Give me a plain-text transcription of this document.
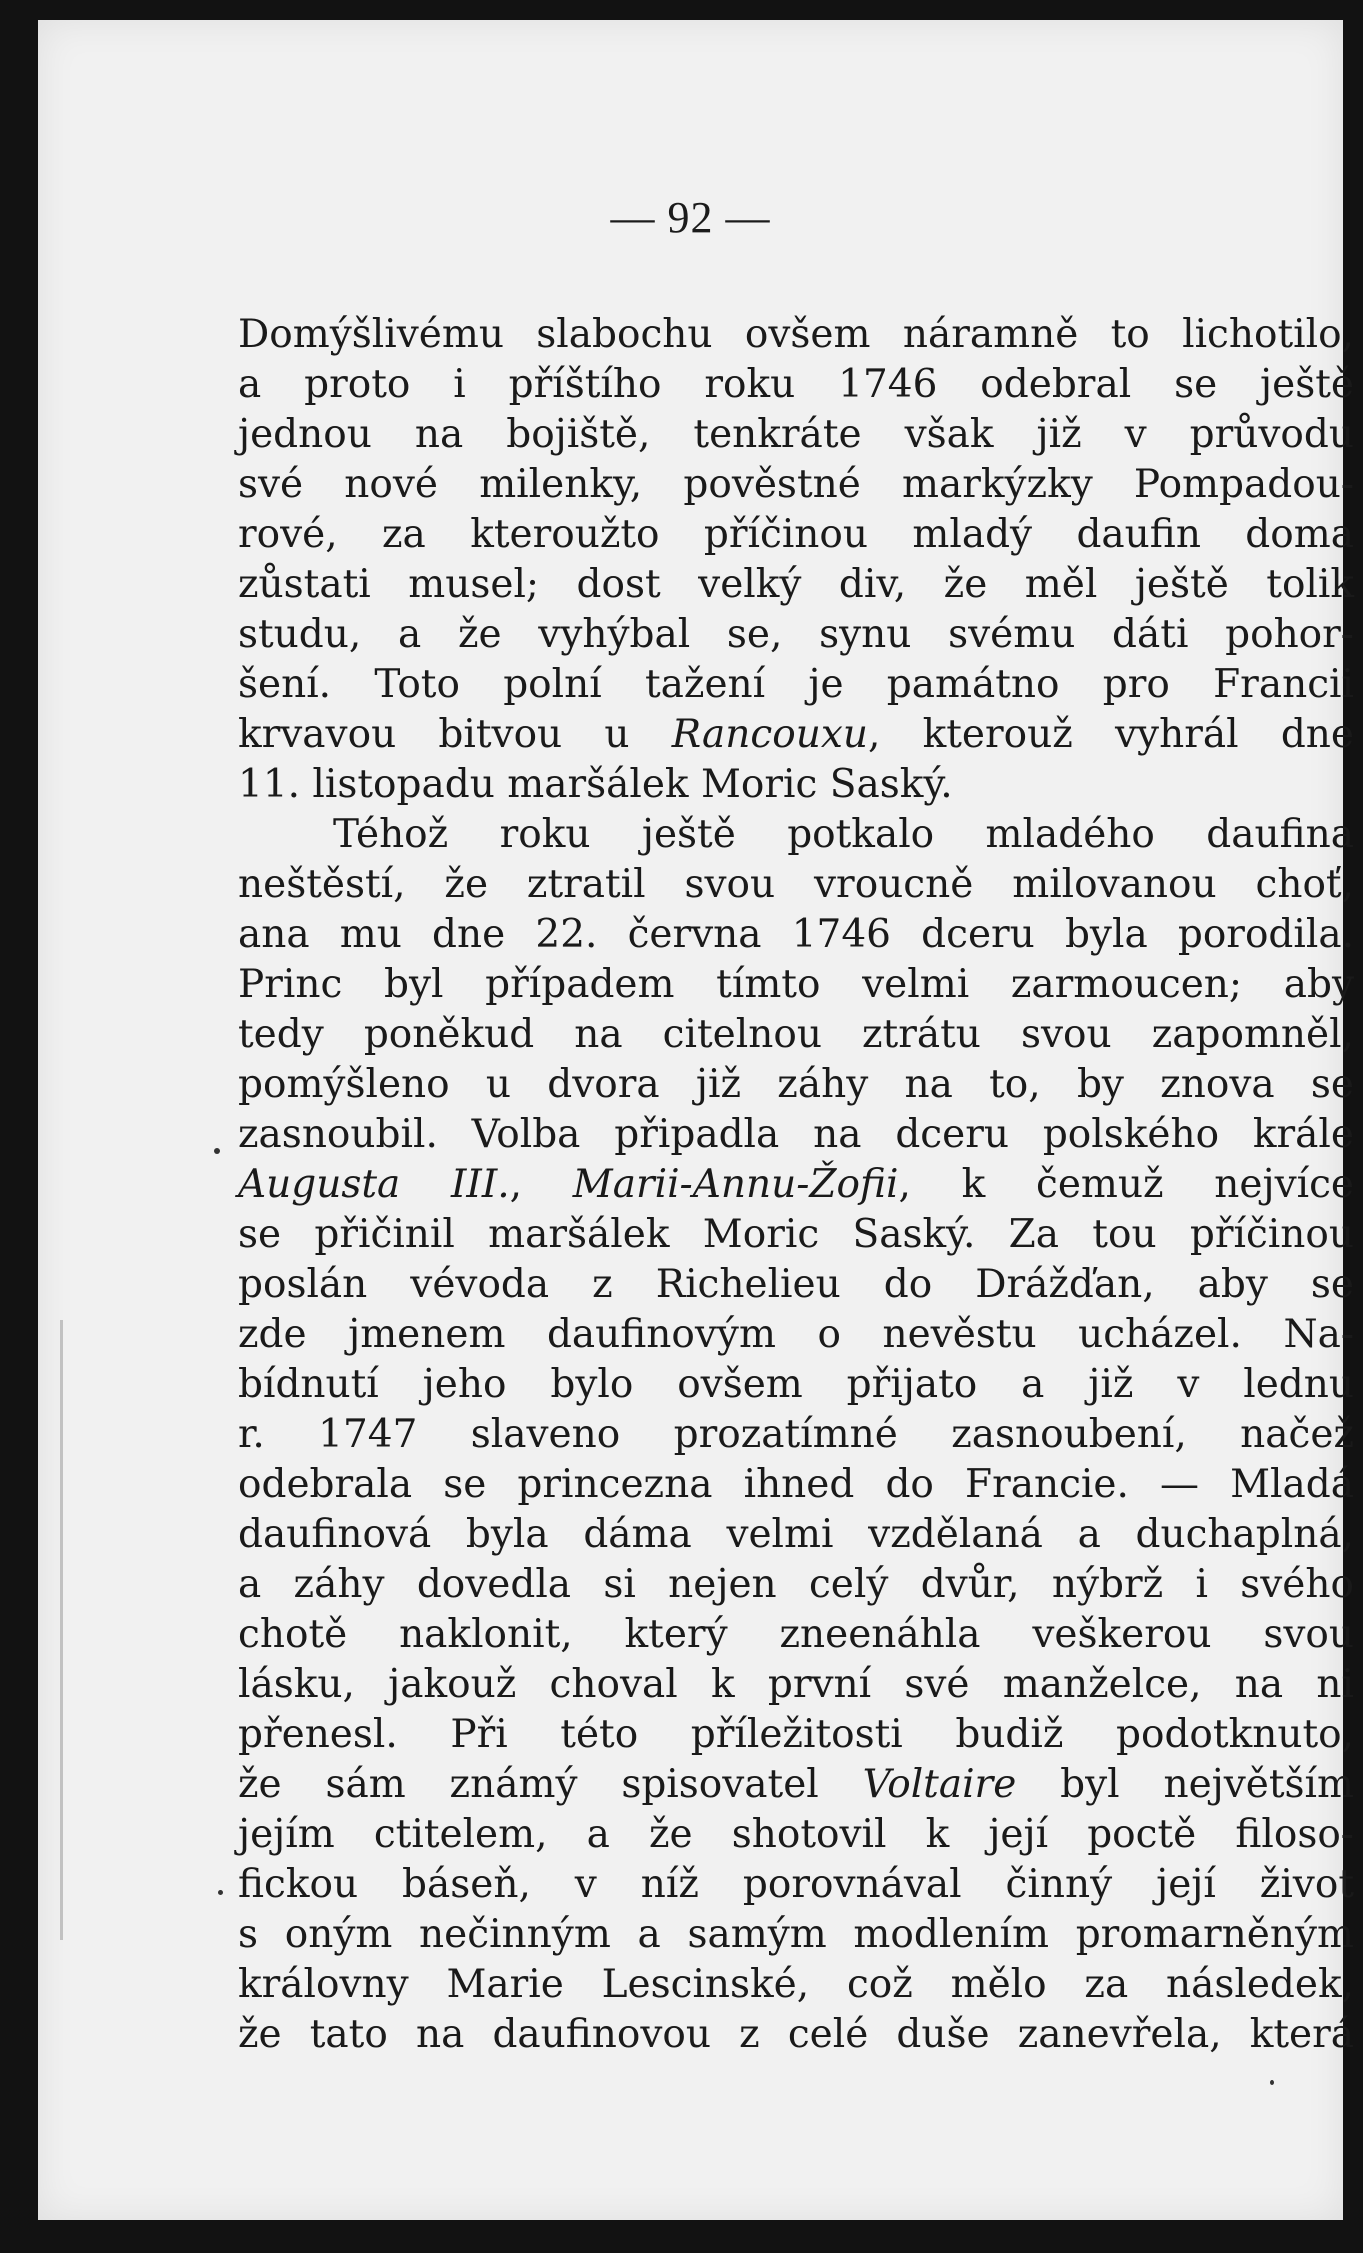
— 92 —
Domýšlivému slabochu ovšem náramně to lichotilo,
a proto i příštího roku 1746 odebral se ještě
jednou na bojiště, tenkráte však již v průvodu
své nové milenky, pověstné markýzky Pompadou-
rové, za kteroužto příčinou mladý daufin doma
zůstati musel; dost velký div, že měl ještě tolik
studu, a že vyhýbal se, synu svému dáti pohor-
šení. Toto polní tažení je památno pro Francii
krvavou bitvou u Rancouxu, kterouž vyhrál dne
11. listopadu maršálek Moric Saský.
Téhož roku ještě potkalo mladého daufina
neštěstí, že ztratil svou vroucně milovanou choť,
ana mu dne 22. června 1746 dceru byla porodila.
Princ byl případem tímto velmi zarmoucen; aby
tedy poněkud na citelnou ztrátu svou zapomněl,
pomýšleno u dvora již záhy na to, by znova se
zasnoubil. Volba připadla na dceru polského krále
Augusta III., Marii-Annu-Žofii, k čemuž nejvíce
se přičinil maršálek Moric Saský. Za tou příčinou
poslán vévoda z Richelieu do Drážďan, aby se
zde jmenem daufinovým o nevěstu ucházel. Na-
bídnutí jeho bylo ovšem přijato a již v lednu
r. 1747 slaveno prozatímné zasnoubení, načež
odebrala se princezna ihned do Francie. — Mladá
daufinová byla dáma velmi vzdělaná a duchaplná,
a záhy dovedla si nejen celý dvůr, nýbrž i svého
chotě naklonit, který zneenáhla veškerou svou
lásku, jakouž choval k první své manželce, na ni
přenesl. Při této příležitosti budiž podotknuto,
že sám známý spisovatel Voltaire byl největším
jejím ctitelem, a že shotovil k její poctě filoso-
fickou báseň, v níž porovnával činný její život
s oným nečinným a samým modlením promarněným
královny Marie Lescinské, což mělo za následek,
že tato na daufinovou z celé duše zanevřela, která
